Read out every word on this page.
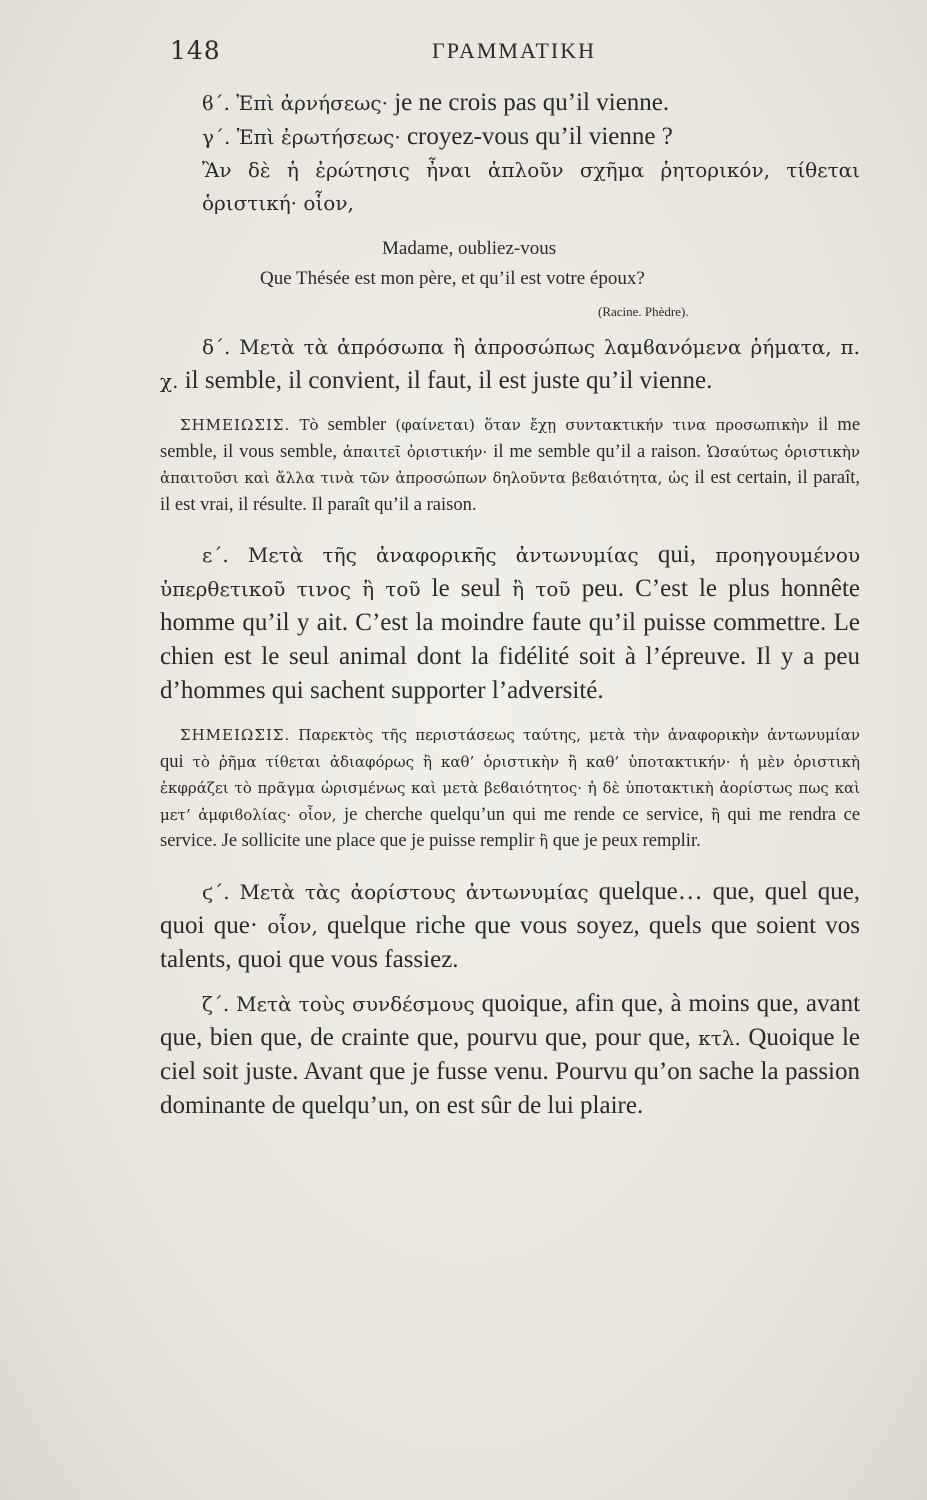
148	ΓΡΑΜΜΑΤΙΚΗ

ϐ΄. Ἐπὶ ἀρνήσεως· je ne crois pas qu’il vienne.

γ΄. Ἐπὶ ἐρωτήσεως· croyez-vous qu’il vienne ?

Ἂν δὲ ἡ ἐρώτησις ἦναι ἁπλοῦν σχῆμα ῥητορικόν, τίθεται ὁριστική· οἷον,

Madame, oubliez-vous

Que Thésée est mon père, et qu’il est votre époux?

(Racine. Phèdre).

δ΄. Μετὰ τὰ ἀπρόσωπα ἢ ἀπροσώπως λαμϐανόμενα ῥήματα, π. χ. il semble, il convient, il faut, il est juste qu’il vienne.

ΣΗΜΕΙΩΣΙΣ. Τὸ sembler (φαίνεται) ὅταν ἔχῃ συντακτικήν τινα προσωπικὴν il me semble, il vous semble, ἀπαιτεῖ ὁριστικήν· il me semble qu’il a raison. Ὡσαύτως ὁριστικὴν ἀπαιτοῦσι καὶ ἄλλα τινὰ τῶν ἀπροσώπων δηλοῦντα βεϐαιότητα, ὡς il est certain, il paraît, il est vrai, il résulte. Il paraît qu’il a raison.

ε΄. Μετὰ τῆς ἀναφορικῆς ἀντωνυμίας qui, προηγουμένου ὑπερθετικοῦ τινος ἢ τοῦ le seul ἢ τοῦ peu. C’est le plus honnête homme qu’il y ait. C’est la moindre faute qu’il puisse commettre. Le chien est le seul animal dont la fidélité soit à l’épreuve. Il y a peu d’hommes qui sachent supporter l’adversité.

ΣΗΜΕΙΩΣΙΣ. Παρεκτὸς τῆς περιστάσεως ταύτης, μετὰ τὴν ἀναφορικὴν ἀντωνυμίαν qui τὸ ῥῆμα τίθεται ἀδιαφόρως ἢ καθ’ ὁριστικὴν ἢ καθ’ ὑποτακτικήν· ἡ μὲν ὁριστικὴ ἐκφράζει τὸ πρᾶγμα ὡρισμένως καὶ μετὰ βεϐαιότητος· ἡ δὲ ὑποτακτικὴ ἀορίστως πως καὶ μετ’ ἀμφιϐολίας· οἷον, je cherche quelqu’un qui me rende ce service, ἢ qui me rendra ce service. Je sollicite une place que je puisse remplir ἢ que je peux remplir.

ϛ΄. Μετὰ τὰς ἀορίστους ἀντωνυμίας quelque… que, quel que, quoi que· οἷον, quelque riche que vous soyez, quels que soient vos talents, quoi que vous fassiez.

ζ΄. Μετὰ τοὺς συνδέσμους quoique, afin que, à moins que, avant que, bien que, de crainte que, pourvu que, pour que, κτλ. Quoique le ciel soit juste. Avant que je fusse venu. Pourvu qu’on sache la passion dominante de quelqu’un, on est sûr de lui plaire.
